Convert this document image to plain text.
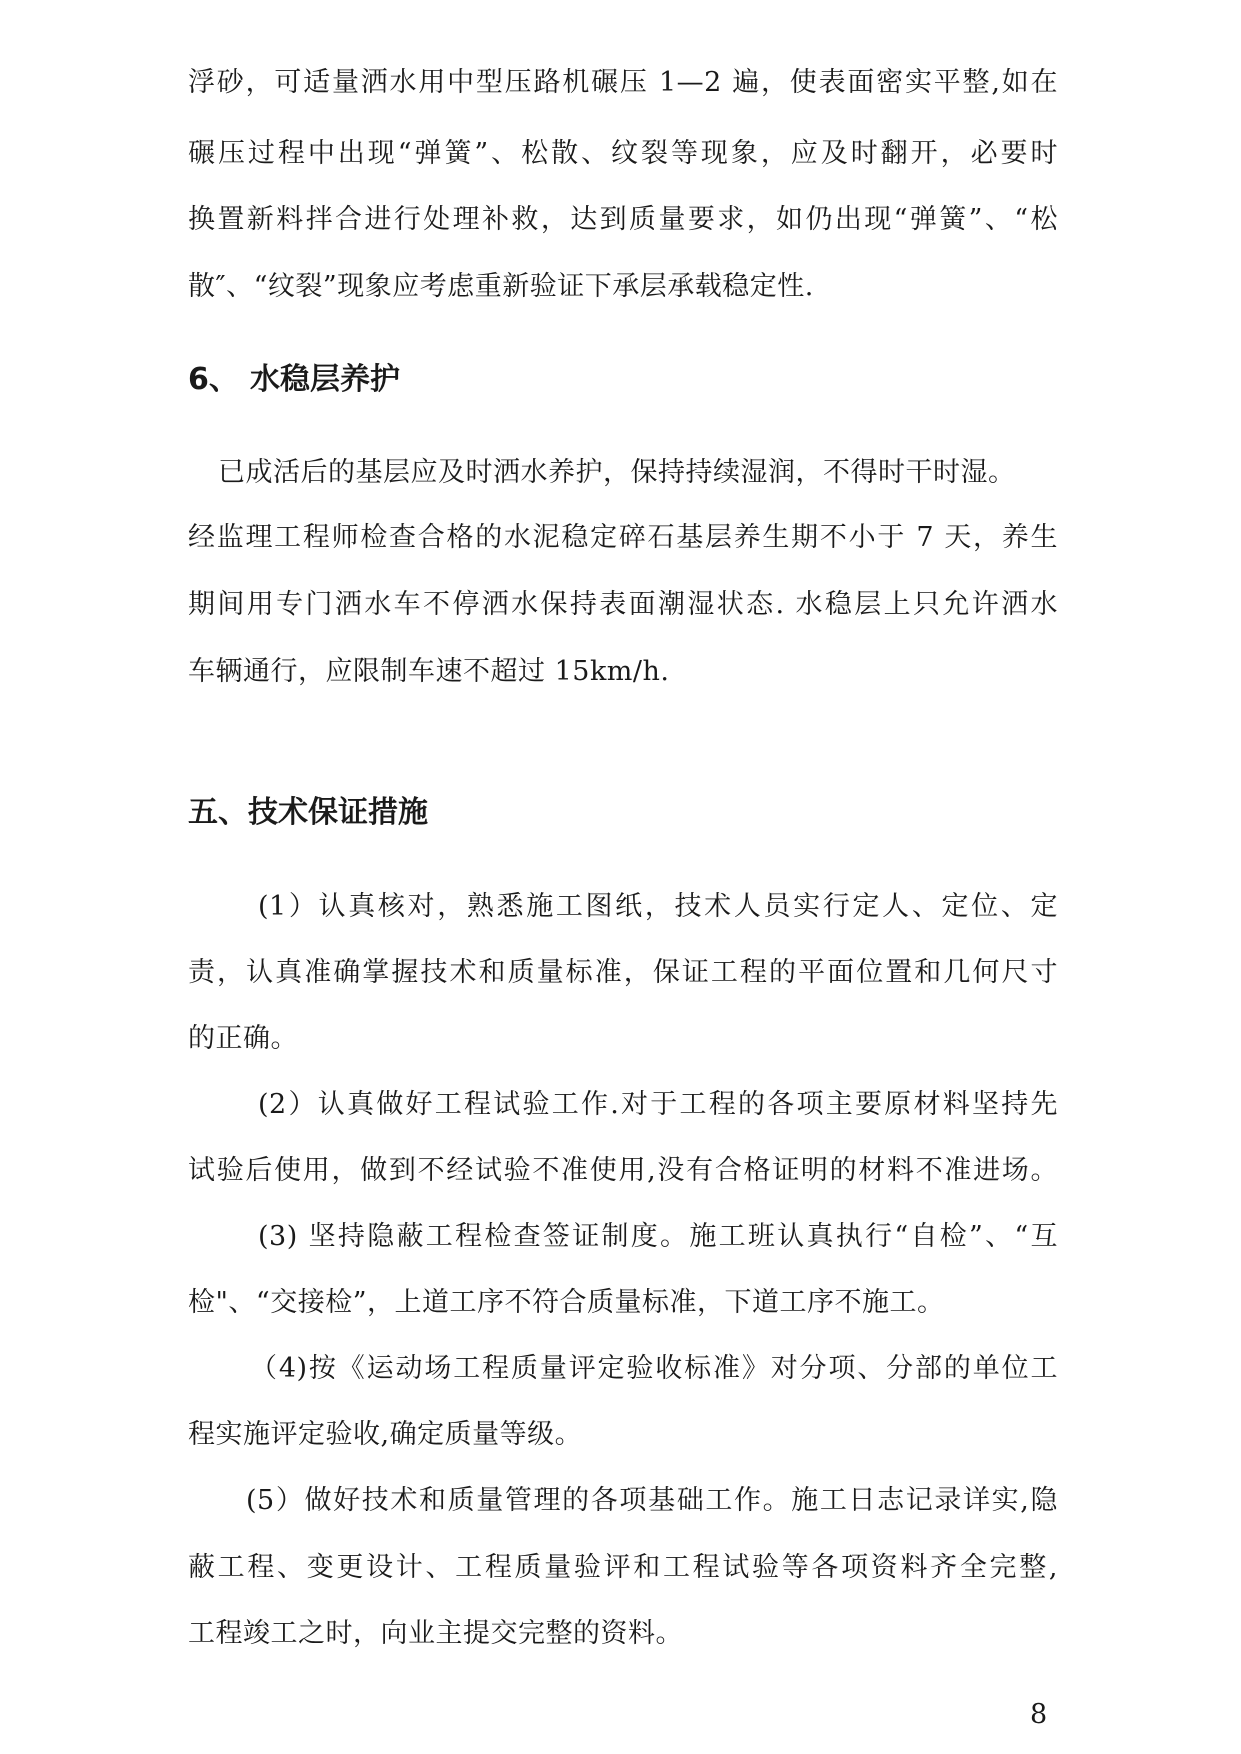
浮砂，可适量洒水用中型压路机碾压 1—2 遍，使表面密实平整,如在
碾压过程中出现“弹簧”、松散、纹裂等现象，应及时翻开，必要时
换置新料拌合进行处理补救，达到质量要求，如仍出现“弹簧”、“松
散″、“纹裂”现象应考虑重新验证下承层承载稳定性.
6、 水稳层养护
已成活后的基层应及时洒水养护，保持持续湿润，不得时干时湿。
经监理工程师检查合格的水泥稳定碎石基层养生期不小于 7 天，养生
期间用专门洒水车不停洒水保持表面潮湿状态. 水稳层上只允许洒水
车辆通行，应限制车速不超过 15km/h.
五、技术保证措施
(1）认真核对，熟悉施工图纸，技术人员实行定人、定位、定
责，认真准确掌握技术和质量标准，保证工程的平面位置和几何尺寸
的正确。
(2）认真做好工程试验工作.对于工程的各项主要原材料坚持先
试验后使用，做到不经试验不准使用,没有合格证明的材料不准进场。
(3) 坚持隐蔽工程检查签证制度。施工班认真执行“自检”、“互
检"、“交接检”，上道工序不符合质量标准，下道工序不施工。
（4)按《运动场工程质量评定验收标准》对分项、分部的单位工
程实施评定验收,确定质量等级。
(5）做好技术和质量管理的各项基础工作。施工日志记录详实,隐
蔽工程、变更设计、工程质量验评和工程试验等各项资料齐全完整,
工程竣工之时，向业主提交完整的资料。
8
